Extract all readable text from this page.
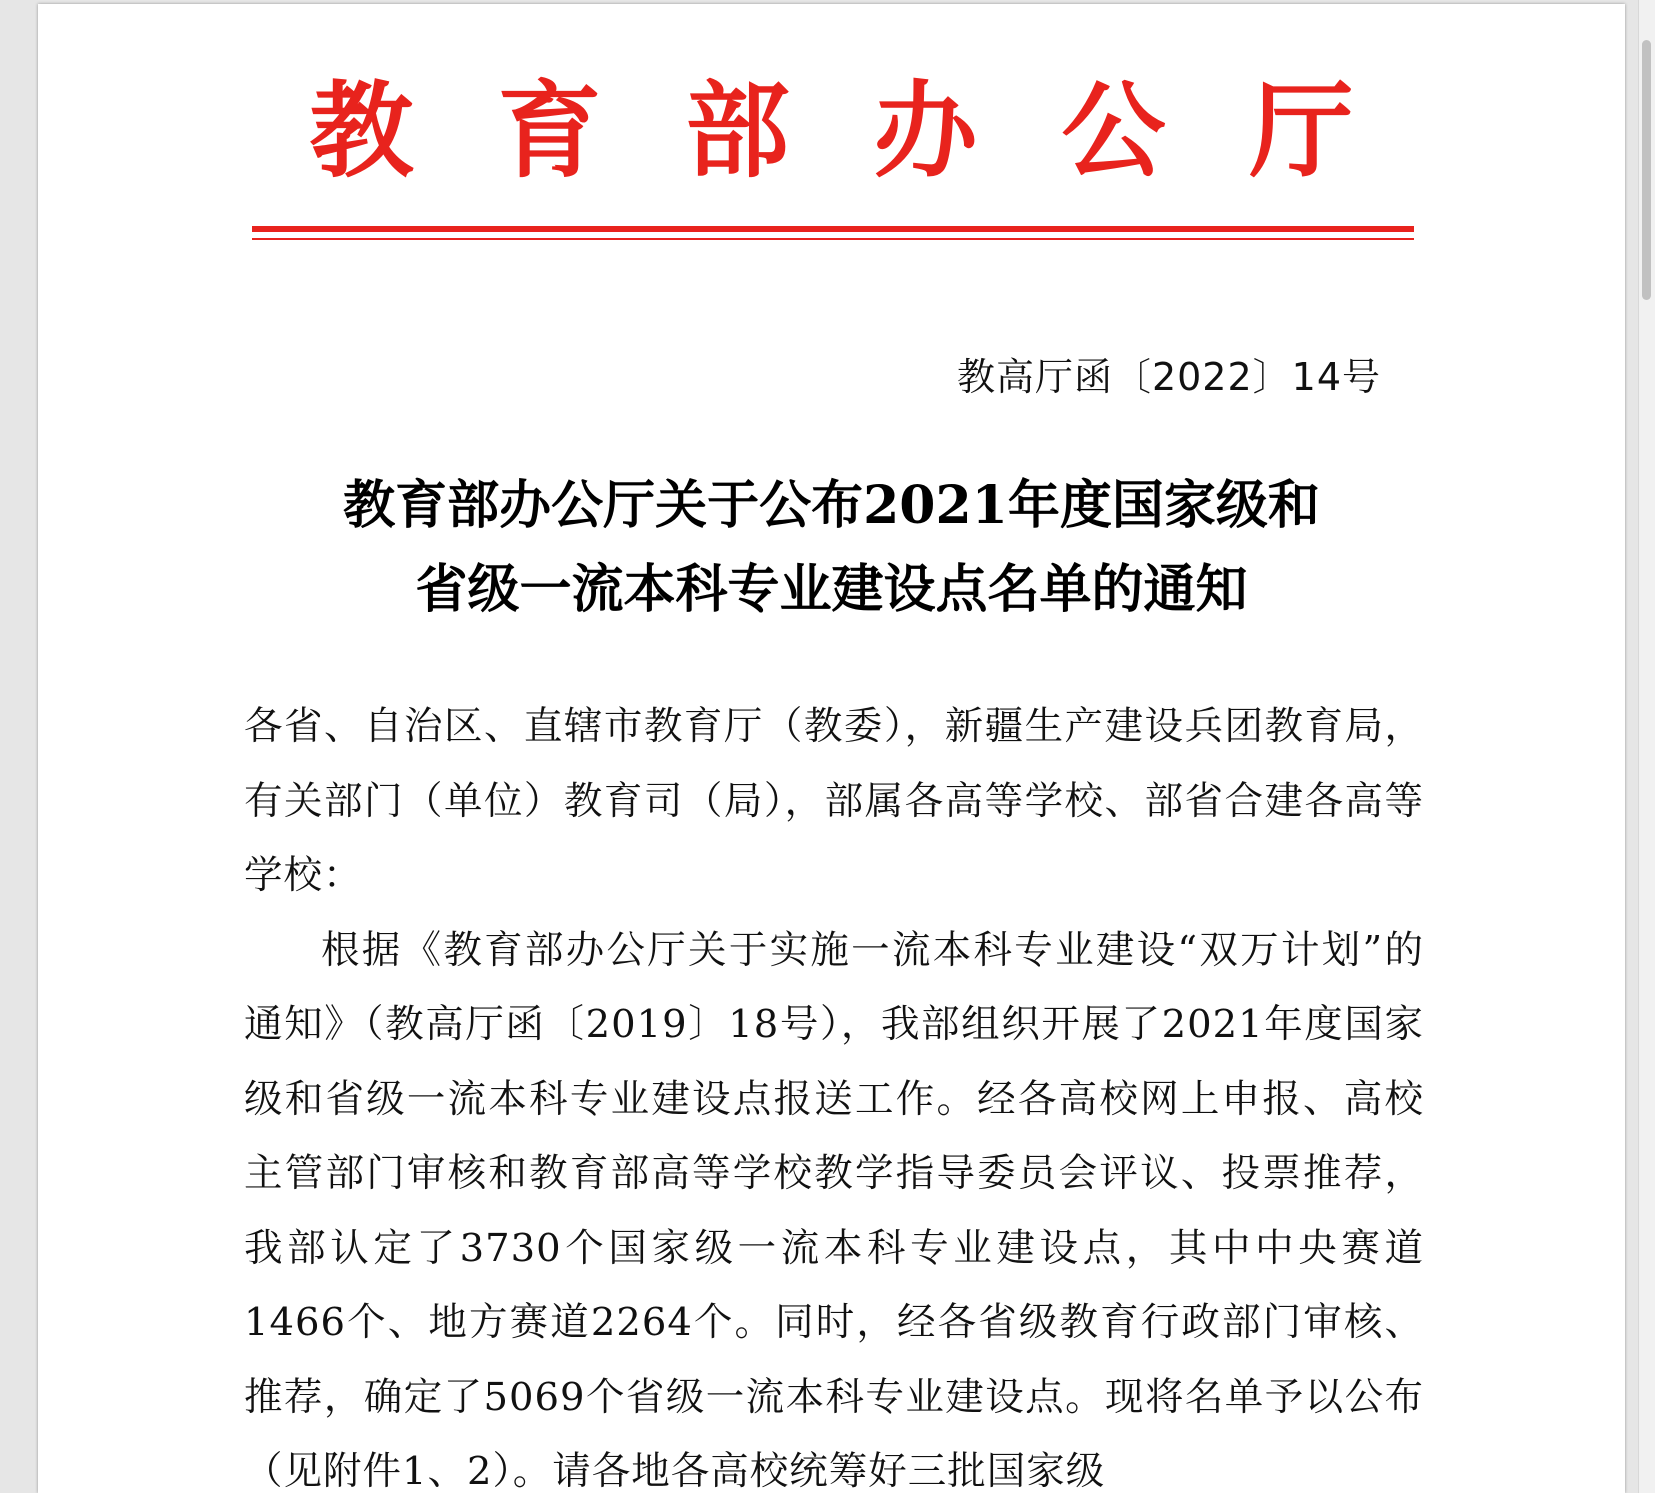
教育部办公厅
教高厅函〔2022〕14号
教育部办公厅关于公布2021年度国家级和
省级一流本科专业建设点名单的通知

各省、自治区、直辖市教育厅（教委），新疆生产建设兵团教育局，有关部门（单位）教育司（局），部属各高等学校、部省合建各高等学校：

根据《教育部办公厅关于实施一流本科专业建设“双万计划”的通知》（教高厅函〔2019〕18号），我部组织开展了2021年度国家级和省级一流本科专业建设点报送工作。经各高校网上申报、高校主管部门审核和教育部高等学校教学指导委员会评议、投票推荐，我部认定了3730个国家级一流本科专业建设点，其中中央赛道1466个、地方赛道2264个。同时，经各省级教育行政部门审核、推荐，确定了5069个省级一流本科专业建设点。现将名单予以公布（见附件1、2）。请各地各高校统筹好三批国家级
